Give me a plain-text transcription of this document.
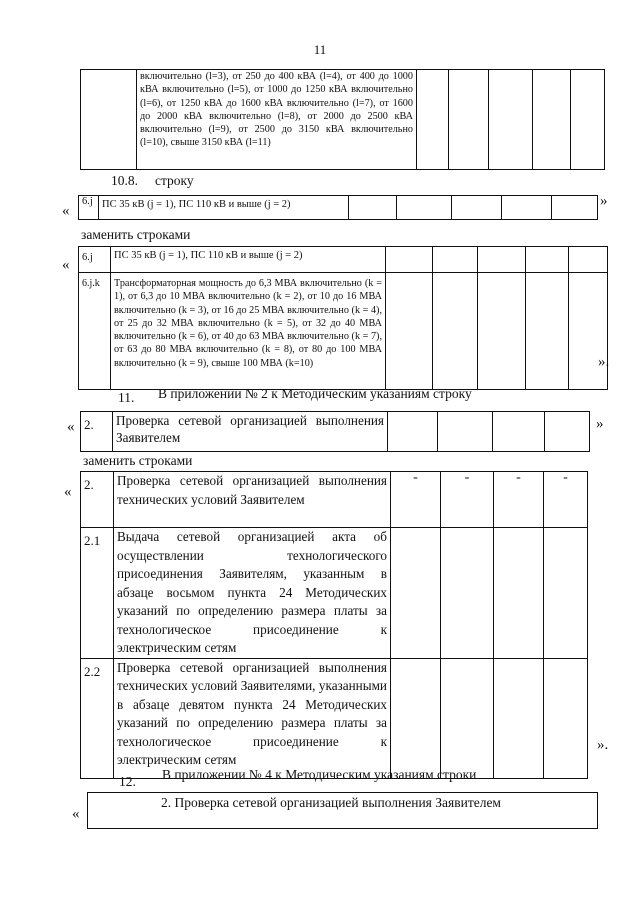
11
	включительно (l=3), от 250 до 400 кВА (l=4), от 400 до 1000 кВА включительно (l=5), от 1000 до 1250 кВА включительно (l=6), от 1250 кВА до 1600 кВА включительно (l=7), от 1600 до 2000 кВА включительно (l=8), от 2000 до 2500 кВА включительно (l=9), от 2500 до 3150 кВА включительно (l=10), свыше 3150 кВА (l=11)					
10.8. строку
«
6.j	ПС 35 кВ (j = 1), ПС 110 кВ и выше (j = 2)						»
заменить строками
« 6.j	ПС 35 кВ (j = 1), ПС 110 кВ и выше (j = 2)					
6.j.k	Трансформаторная мощность до 6,3 МВА включительно (k = 1), от 6,3 до 10 МВА включительно (k = 2), от 10 до 16 МВА включительно (k = 3), от 16 до 25 МВА включительно (k = 4), от 25 до 32 МВА включительно (k = 5), от 32 до 40 МВА включительно (k = 6), от 40 до 63 МВА включительно (k = 7), от 63 до 80 МВА включительно (k = 8), от 80 до 100 МВА включительно (k = 9), свыше 100 МВА (k=10)						».
11. В приложении № 2 к Методическим указаниям строку
« 2.	Проверка сетевой организацией выполнения Заявителем				
»
заменить строками
« 2.	Проверка сетевой организацией выполнения технических условий Заявителем	-	-	-	-
2.1	Выдача сетевой организацией акта об осуществлении технологического присоединения Заявителям, указанным в абзаце восьмом пункта 24 Методических указаний по определению размера платы за технологическое присоединение к электрическим сетям				
2.2	Проверка сетевой организацией выполнения технических условий Заявителями, указанными в абзаце девятом пункта 24 Методических указаний по определению размера платы за технологическое присоединение к электрическим сетям				
».
12. В приложении № 4 к Методическим указаниям строки
«
2. Проверка сетевой организацией выполнения Заявителем
